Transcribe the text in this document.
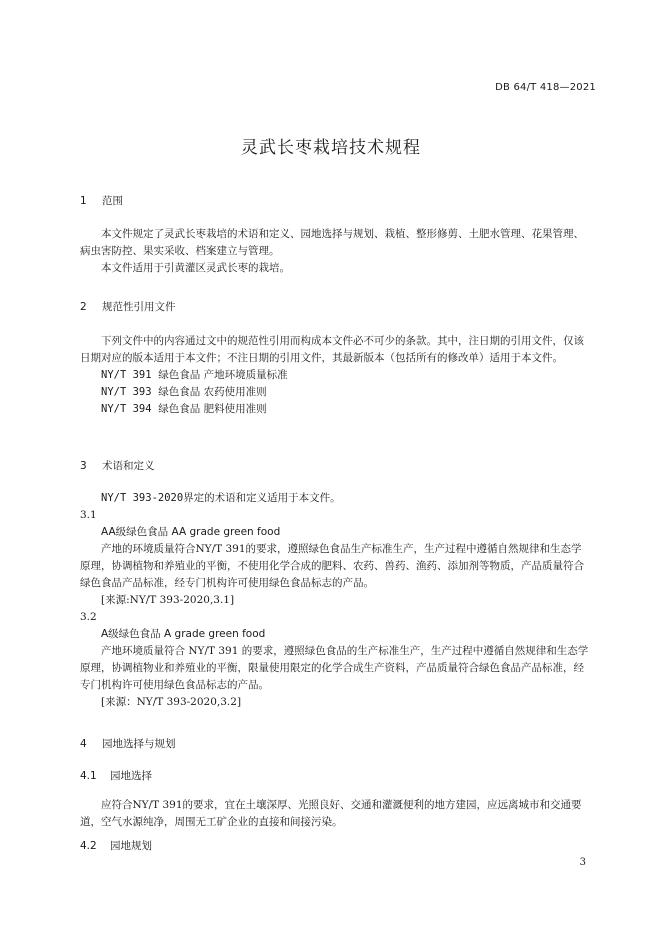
DB 64/T 418—2021
灵武长枣栽培技术规程
1 范围
本文件规定了灵武长枣栽培的术语和定义、园地选择与规划、栽植、整形修剪、土肥水管理、花果管理、病虫害防控、果实采收、档案建立与管理。
本文件适用于引黄灌区灵武长枣的栽培。
2 规范性引用文件
下列文件中的内容通过文中的规范性引用而构成本文件必不可少的条款。其中，注日期的引用文件，仅该日期对应的版本适用于本文件；不注日期的引用文件，其最新版本（包括所有的修改单）适用于本文件。
NY/T 391 绿色食品 产地环境质量标准
NY/T 393 绿色食品 农药使用准则
NY/T 394 绿色食品 肥料使用准则
3 术语和定义
NY/T 393-2020界定的术语和定义适用于本文件。
3.1
AA级绿色食品 AA grade green food
产地的环境质量符合NY/T 391的要求，遵照绿色食品生产标准生产，生产过程中遵循自然规律和生态学原理，协调植物和养殖业的平衡，不使用化学合成的肥料、农药、兽药、渔药、添加剂等物质，产品质量符合绿色食品产品标准，经专门机构许可使用绿色食品标志的产品。
[来源:NY/T 393-2020,3.1]
3.2
A级绿色食品 A grade green food
产地环境质量符合 NY/T 391 的要求，遵照绿色食品的生产标准生产，生产过程中遵循自然规律和生态学原理，协调植物业和养殖业的平衡，限量使用限定的化学合成生产资料，产品质量符合绿色食品产品标准，经专门机构许可使用绿色食品标志的产品。
[来源：NY/T 393-2020,3.2]
4 园地选择与规划
4.1 园地选择
应符合NY/T 391的要求，宜在土壤深厚、光照良好、交通和灌溉便利的地方建园，应远离城市和交通要道，空气水源纯净，周围无工矿企业的直接和间接污染。
4.2 园地规划
3
